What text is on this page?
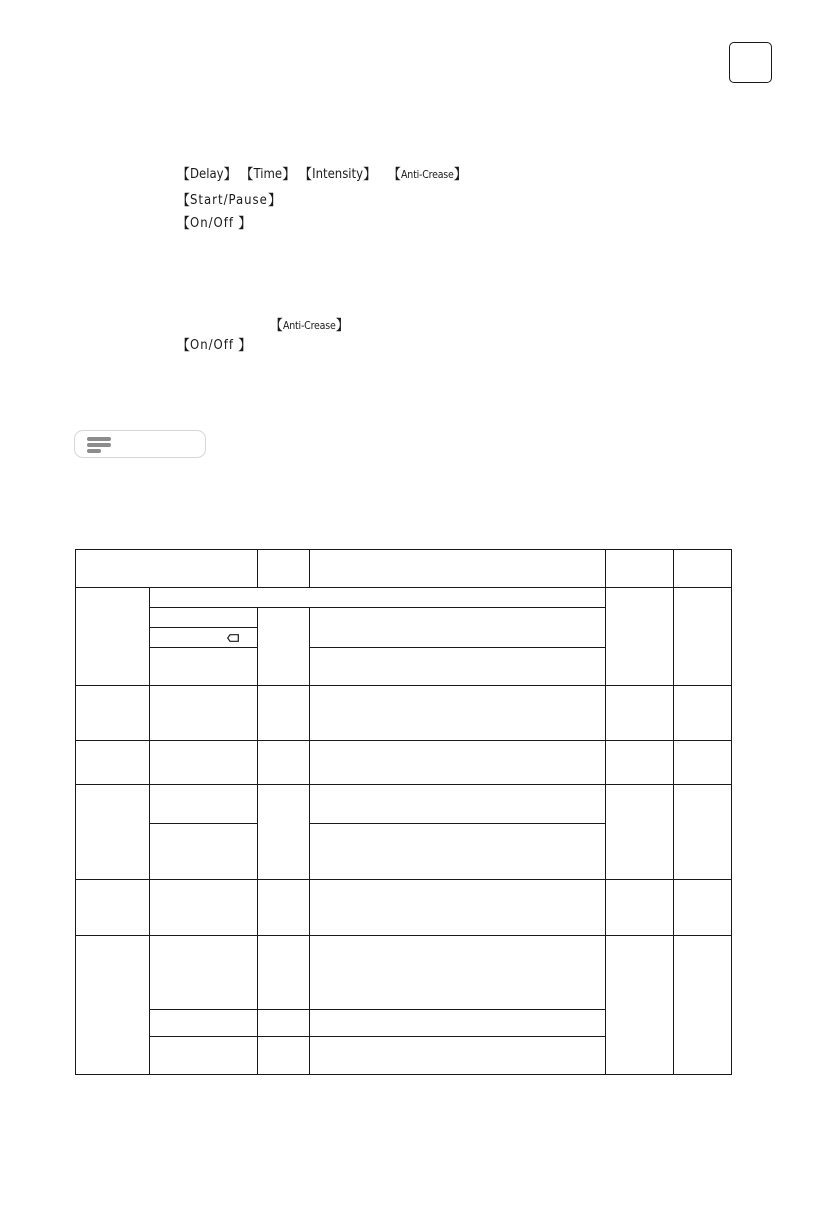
【 Delay 】 【 Time 】 【 Intensity 】 【 Anti-Crease 】
【 Start/Pause 】
【 On/Off 】
【 Anti-Crease 】
【 On/Off 】
